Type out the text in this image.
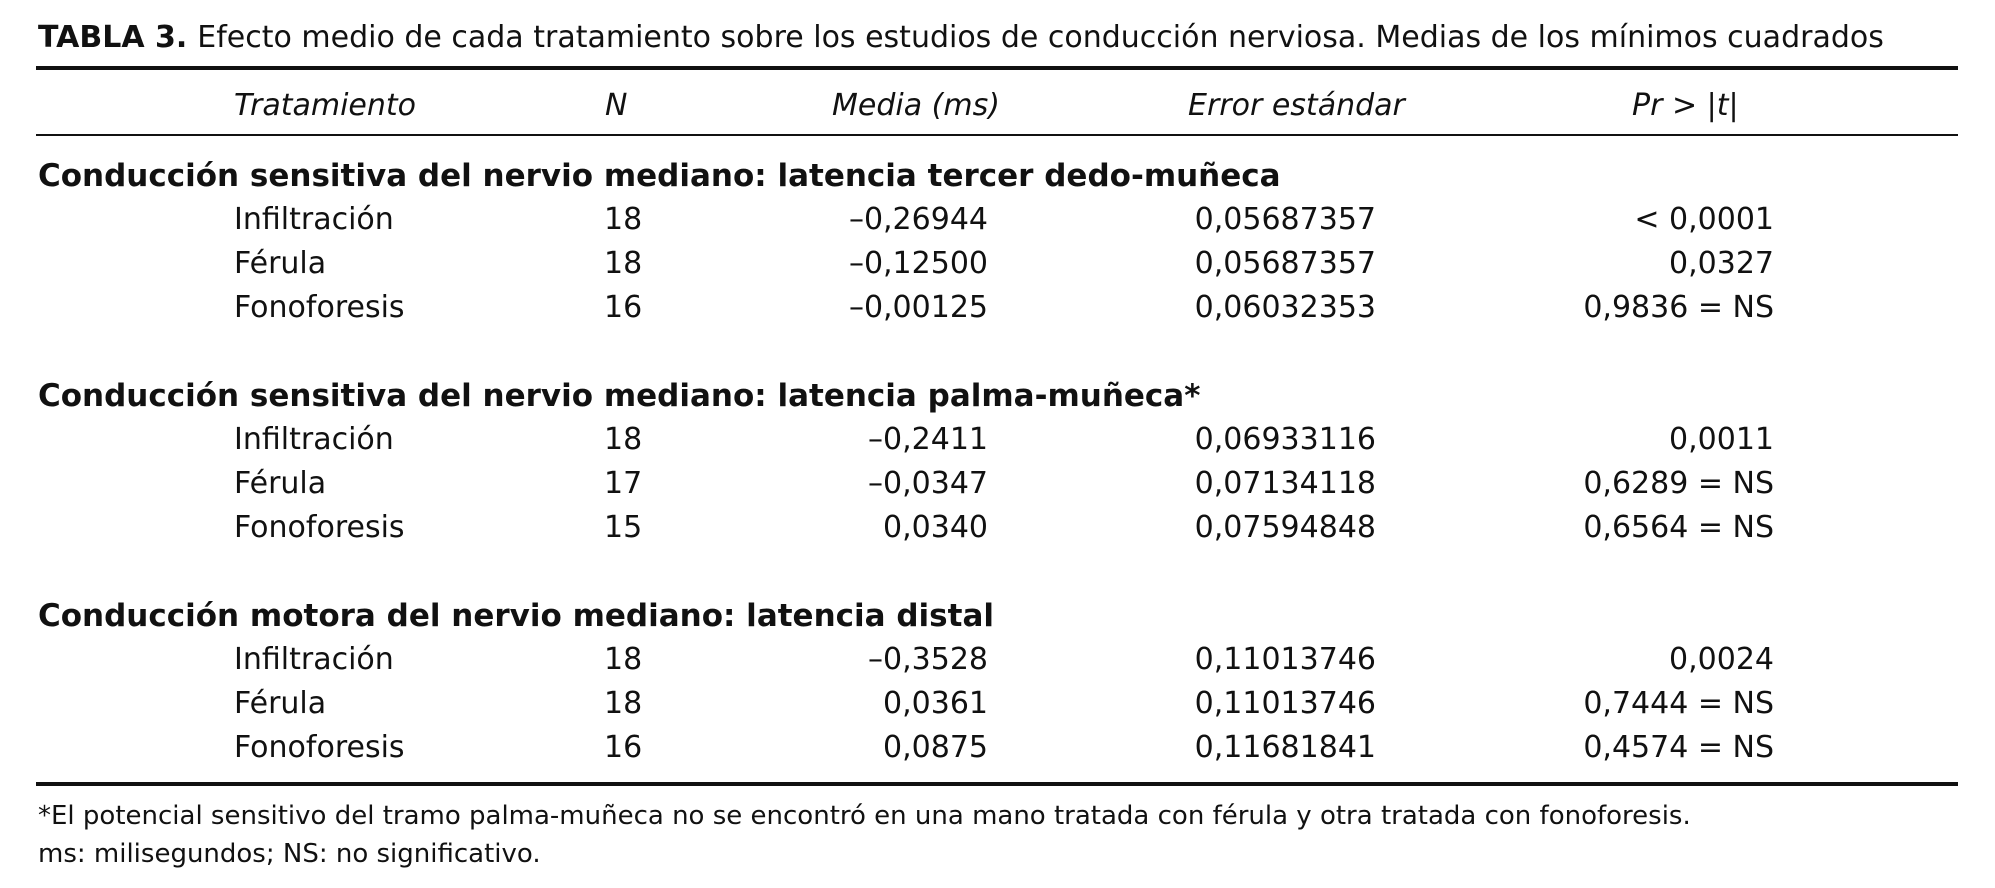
TABLA 3. Efecto medio de cada tratamiento sobre los estudios de conducción nerviosa. Medias de los mínimos cuadrados
Tratamiento	N	Media (ms)	Error estándar	Pr > |t|
Conducción sensitiva del nervio mediano: latencia tercer dedo-muñeca
Infiltración	18	–0,26944	0,05687357	< 0,0001
Férula	18	–0,12500	0,05687357	0,0327
Fonoforesis	16	–0,00125	0,06032353	0,9836 = NS
Conducción sensitiva del nervio mediano: latencia palma-muñeca*
Infiltración	18	–0,2411	0,06933116	0,0011
Férula	17	–0,0347	0,07134118	0,6289 = NS
Fonoforesis	15	0,0340	0,07594848	0,6564 = NS
Conducción motora del nervio mediano: latencia distal
Infiltración	18	–0,3528	0,11013746	0,0024
Férula	18	0,0361	0,11013746	0,7444 = NS
Fonoforesis	16	0,0875	0,11681841	0,4574 = NS
*El potencial sensitivo del tramo palma-muñeca no se encontró en una mano tratada con férula y otra tratada con fonoforesis.
ms: milisegundos; NS: no significativo.
